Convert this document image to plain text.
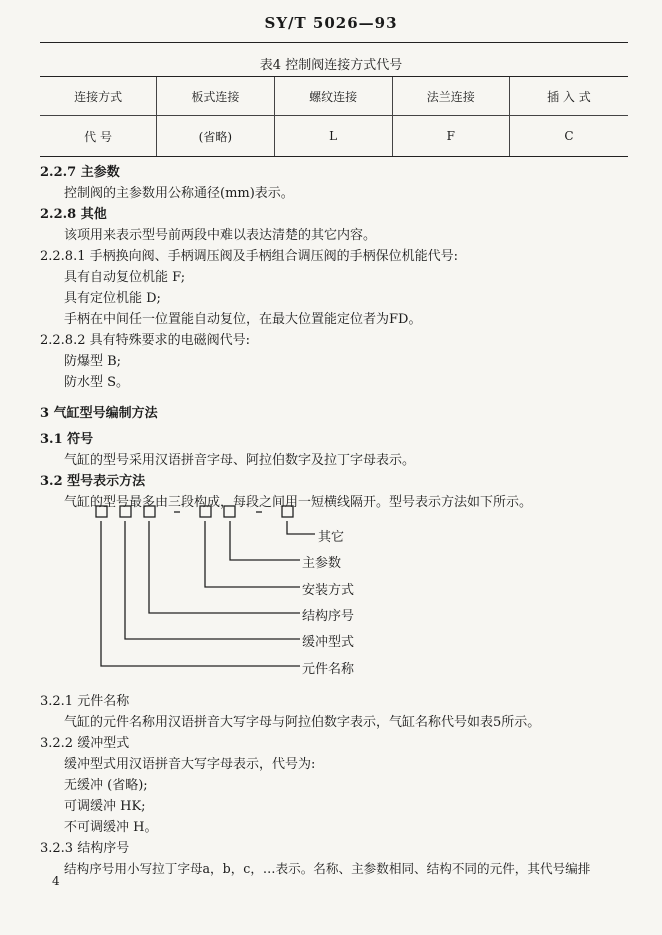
SY/T 5026—93
表4 控制阀连接方式代号
连接方式	板式连接	螺纹连接	法兰连接	插 入 式
代 号	(省略)	L	F	C
2.2.7 主参数
控制阀的主参数用公称通径(mm)表示。
2.2.8 其他
该项用来表示型号前两段中难以表达清楚的其它内容。
2.2.8.1 手柄换向阀、手柄调压阀及手柄组合调压阀的手柄保位机能代号:
具有自动复位机能 F;
具有定位机能 D;
手柄在中间任一位置能自动复位，在最大位置能定位者为FD。
2.2.8.2 具有特殊要求的电磁阀代号:
防爆型 B;
防水型 S。
3 气缸型号编制方法
3.1 符号
气缸的型号采用汉语拼音字母、阿拉伯数字及拉丁字母表示。
3.2 型号表示方法
气缸的型号最多由三段构成，每段之间用一短横线隔开。型号表示方法如下所示。
其它
主参数
安装方式
结构序号
缓冲型式
元件名称
3.2.1 元件名称
气缸的元件名称用汉语拼音大写字母与阿拉伯数字表示，气缸名称代号如表5所示。
3.2.2 缓冲型式
缓冲型式用汉语拼音大写字母表示，代号为:
无缓冲 (省略);
可调缓冲 HK;
不可调缓冲 H。
3.2.3 结构序号
结构序号用小写拉丁字母a，b，c，…表示。名称、主参数相同、结构不同的元件，其代号编排
4
